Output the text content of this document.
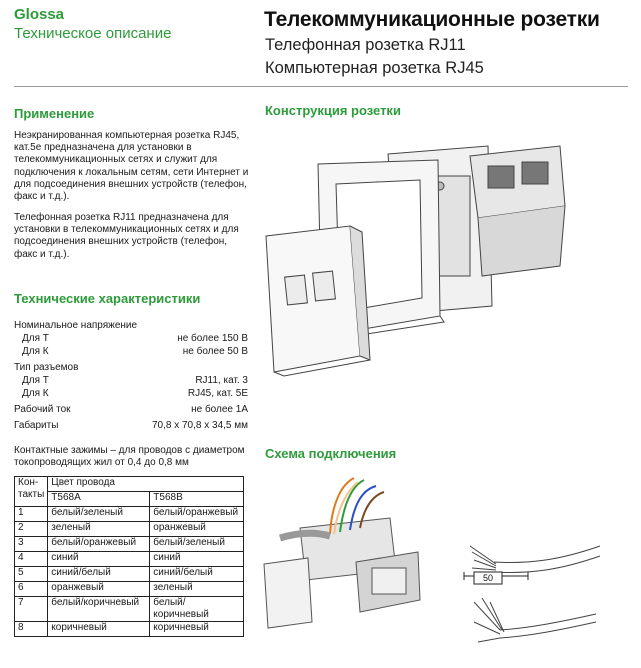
Glossa
Техническое описание
Телекоммуникационные розетки
Телефонная розетка RJ11
Компьютерная розетка RJ45
Применение

Неэкранированная компьютерная розетка RJ45, кат.5е предназначена для установки в телекоммуникационных сетях и служит для подключения к локальным сетям, сети Интернет и для подсоединения внешних устройств (телефон, факс и т.д.).

Телефонная розетка RJ11 предназначена для установки в телекоммуникационных сетях и для подсоединения внешних устройств (телефон, факс и т.д.).

Технические характеристики
Номинальное напряжение
Для Т	не более 150 В
Для К	не более 50 В
Тип разъемов
Для Т	RJ11, кат. 3
Для К	RJ45, кат. 5Е
Рабочий ток	не более 1А
Габариты	70,8 х 70,8 х 34,5 мм
Контактные зажимы – для проводов с диаметром токопроводящих жил от 0,4 до 0,8 мм
Кон-
такты	Цвет провода	
	T568A	T568B
1	белый/зеленый	белый/оранжевый
2	зеленый	оранжевый
3	белый/оранжевый	белый/зеленый
4	синий	синий
5	синий/белый	синий/белый
6	оранжевый	зеленый
7	белый/коричневый	белый/коричневый
8	коричневый	коричневый
Конструкция розетки
Схема подключения
50
